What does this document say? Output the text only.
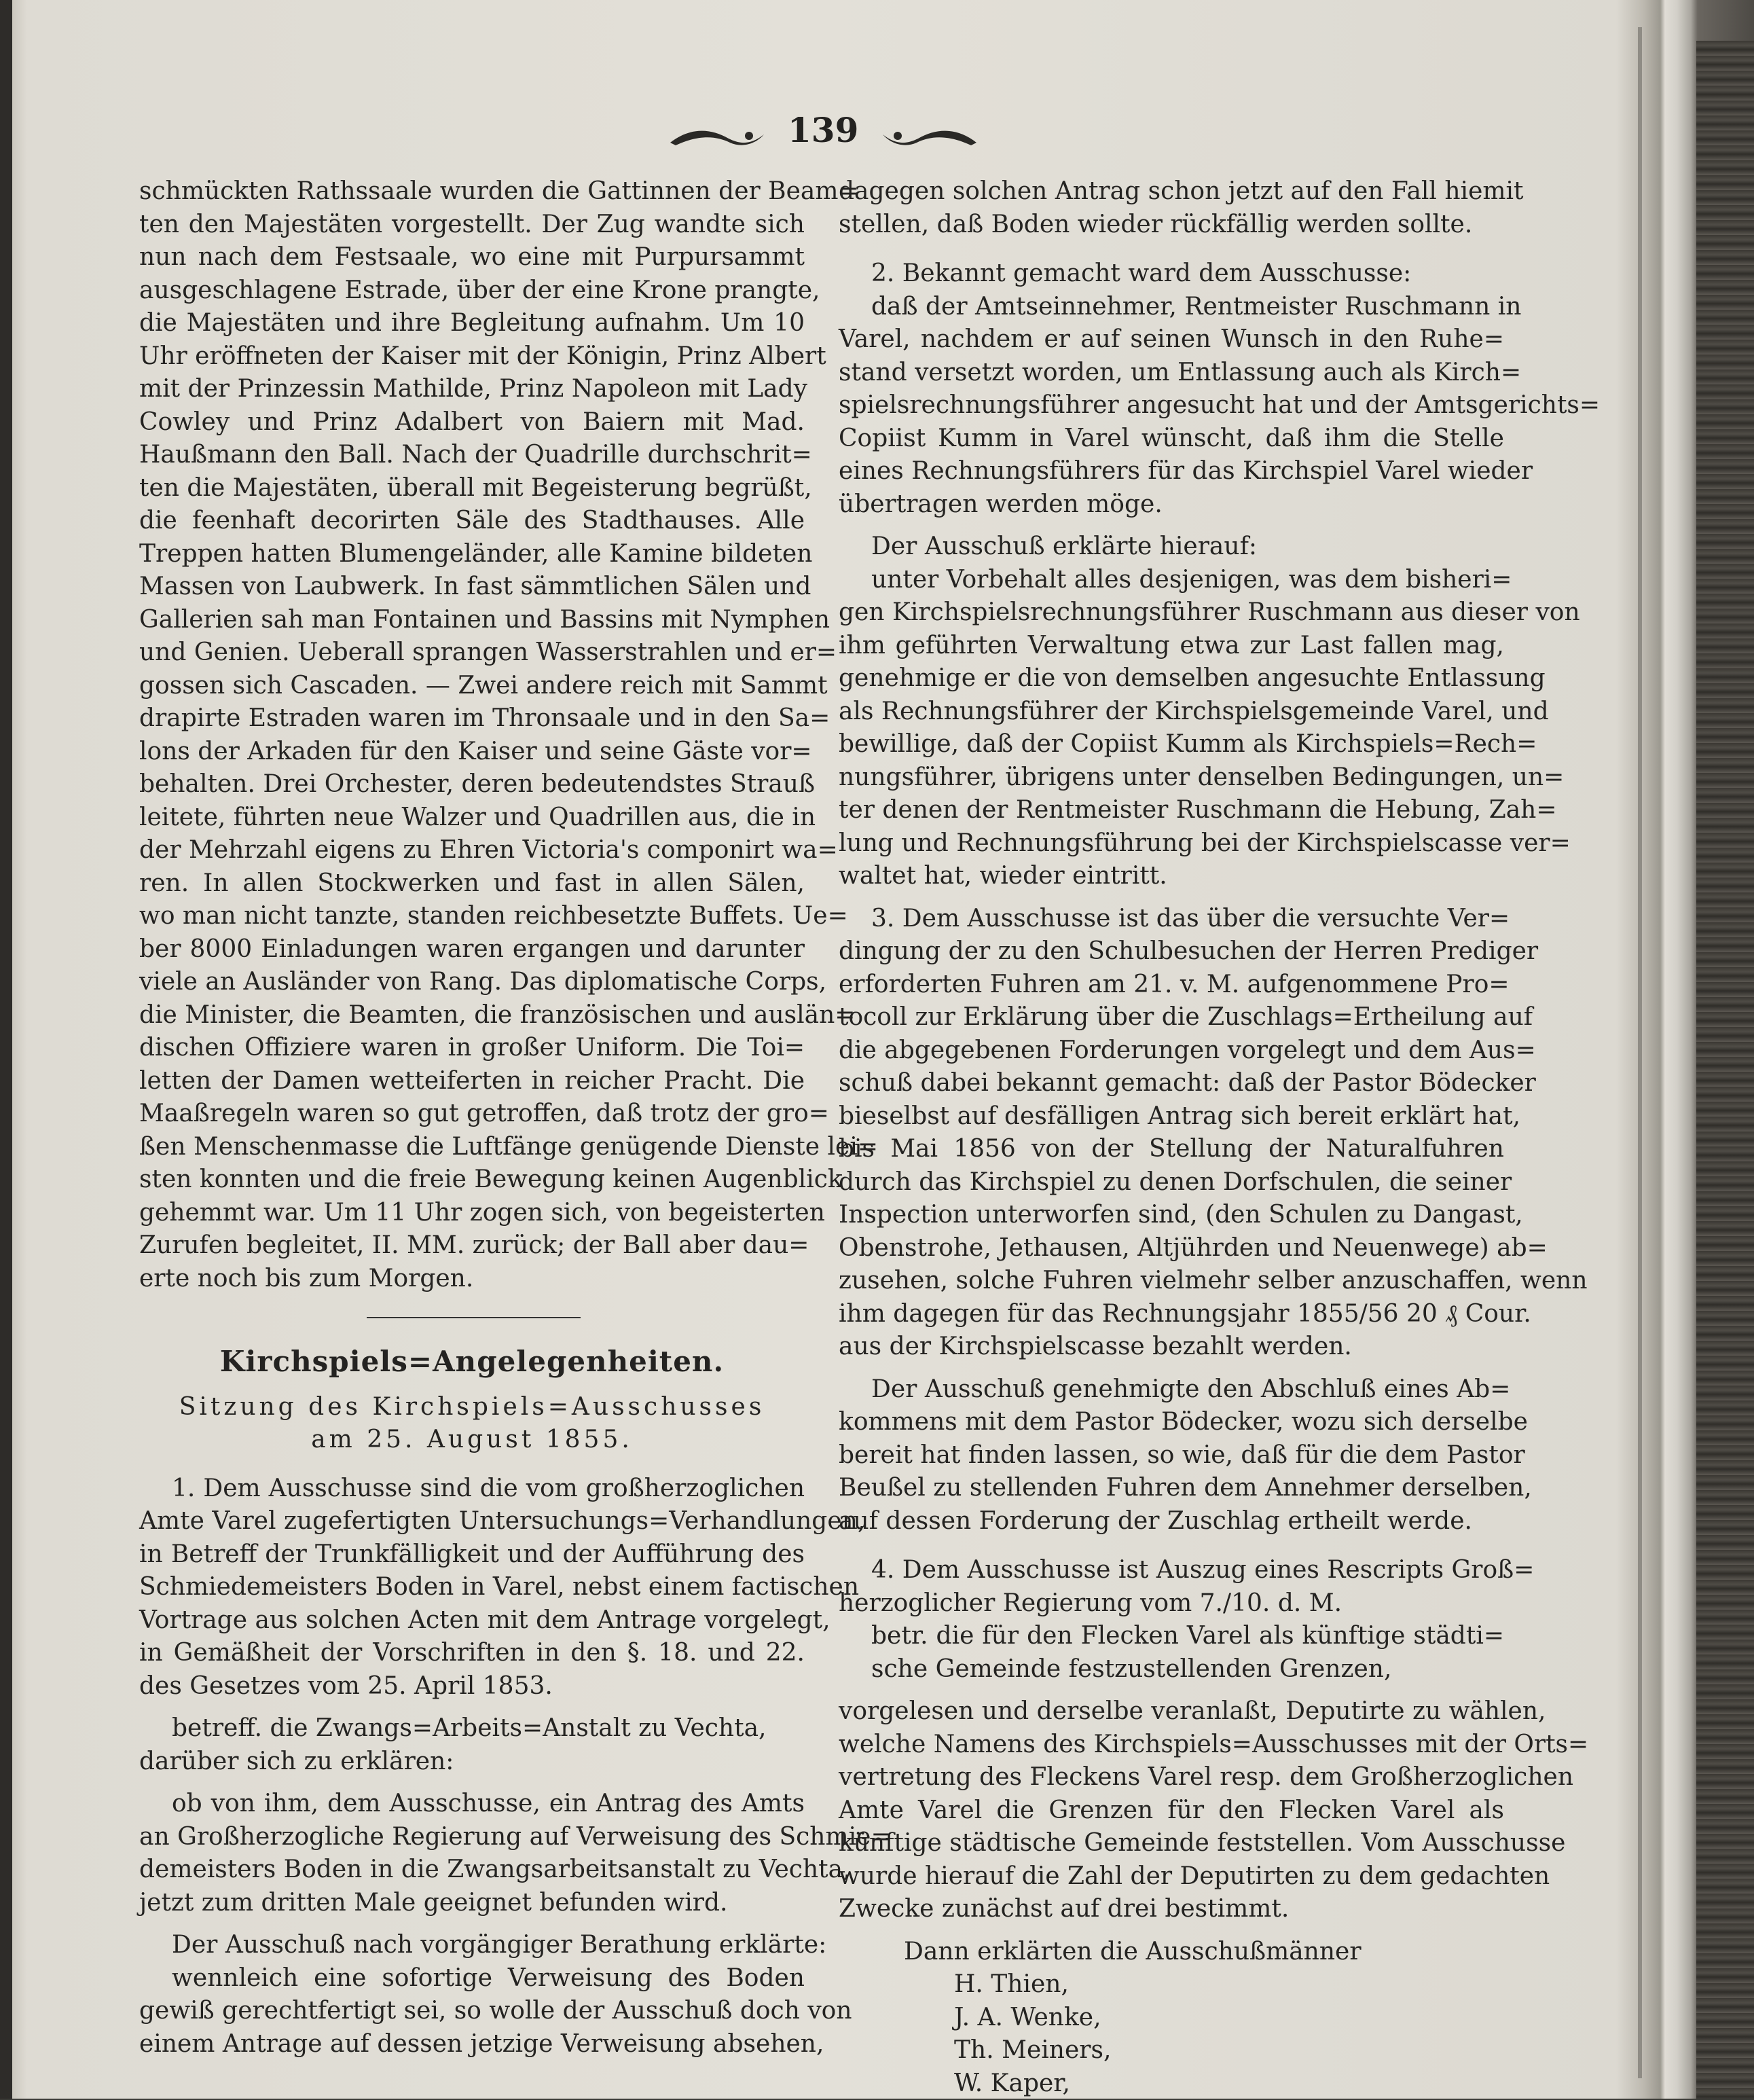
139
schmückten Rathssaale wurden die Gattinnen der Beam=
ten den Majestäten vorgestellt. Der Zug wandte sich
nun nach dem Festsaale, wo eine mit Purpursammt
ausgeschlagene Estrade, über der eine Krone prangte,
die Majestäten und ihre Begleitung aufnahm. Um 10
Uhr eröffneten der Kaiser mit der Königin, Prinz Albert
mit der Prinzessin Mathilde, Prinz Napoleon mit Lady
Cowley und Prinz Adalbert von Baiern mit Mad.
Haußmann den Ball. Nach der Quadrille durchschrit=
ten die Majestäten, überall mit Begeisterung begrüßt,
die feenhaft decorirten Säle des Stadthauses. Alle
Treppen hatten Blumengeländer, alle Kamine bildeten
Massen von Laubwerk. In fast sämmtlichen Sälen und
Gallerien sah man Fontainen und Bassins mit Nymphen
und Genien. Ueberall sprangen Wasserstrahlen und er=
gossen sich Cascaden. — Zwei andere reich mit Sammt
drapirte Estraden waren im Thronsaale und in den Sa=
lons der Arkaden für den Kaiser und seine Gäste vor=
behalten. Drei Orchester, deren bedeutendstes Strauß
leitete, führten neue Walzer und Quadrillen aus, die in
der Mehrzahl eigens zu Ehren Victoria's componirt wa=
ren. In allen Stockwerken und fast in allen Sälen,
wo man nicht tanzte, standen reichbesetzte Buffets. Ue=
ber 8000 Einladungen waren ergangen und darunter
viele an Ausländer von Rang. Das diplomatische Corps,
die Minister, die Beamten, die französischen und auslän=
dischen Offiziere waren in großer Uniform. Die Toi=
letten der Damen wetteiferten in reicher Pracht. Die
Maaßregeln waren so gut getroffen, daß trotz der gro=
ßen Menschenmasse die Luftfänge genügende Dienste lei=
sten konnten und die freie Bewegung keinen Augenblick
gehemmt war. Um 11 Uhr zogen sich, von begeisterten
Zurufen begleitet, II. MM. zurück; der Ball aber dau=
erte noch bis zum Morgen.
Kirchspiels=Angelegenheiten.
Sitzung des Kirchspiels=Ausschusses
am 25. August 1855.
1. Dem Ausschusse sind die vom großherzoglichen
Amte Varel zugefertigten Untersuchungs=Verhandlungen,
in Betreff der Trunkfälligkeit und der Aufführung des
Schmiedemeisters Boden in Varel, nebst einem factischen
Vortrage aus solchen Acten mit dem Antrage vorgelegt,
in Gemäßheit der Vorschriften in den §. 18. und 22.
des Gesetzes vom 25. April 1853.
betreff. die Zwangs=Arbeits=Anstalt zu Vechta,
darüber sich zu erklären:
ob von ihm, dem Ausschusse, ein Antrag des Amts
an Großherzogliche Regierung auf Verweisung des Schmie=
demeisters Boden in die Zwangsarbeitsanstalt zu Vechta,
jetzt zum dritten Male geeignet befunden wird.
Der Ausschuß nach vorgängiger Berathung erklärte:
wennleich eine sofortige Verweisung des Boden
gewiß gerechtfertigt sei, so wolle der Ausschuß doch von
einem Antrage auf dessen jetzige Verweisung absehen,
dagegen solchen Antrag schon jetzt auf den Fall hiemit
stellen, daß Boden wieder rückfällig werden sollte.
2. Bekannt gemacht ward dem Ausschusse:
daß der Amtseinnehmer, Rentmeister Ruschmann in
Varel, nachdem er auf seinen Wunsch in den Ruhe=
stand versetzt worden, um Entlassung auch als Kirch=
spielsrechnungsführer angesucht hat und der Amtsgerichts=
Copiist Kumm in Varel wünscht, daß ihm die Stelle
eines Rechnungsführers für das Kirchspiel Varel wieder
übertragen werden möge.
Der Ausschuß erklärte hierauf:
unter Vorbehalt alles desjenigen, was dem bisheri=
gen Kirchspielsrechnungsführer Ruschmann aus dieser von
ihm geführten Verwaltung etwa zur Last fallen mag,
genehmige er die von demselben angesuchte Entlassung
als Rechnungsführer der Kirchspielsgemeinde Varel, und
bewillige, daß der Copiist Kumm als Kirchspiels=Rech=
nungsführer, übrigens unter denselben Bedingungen, un=
ter denen der Rentmeister Ruschmann die Hebung, Zah=
lung und Rechnungsführung bei der Kirchspielscasse ver=
waltet hat, wieder eintritt.
3. Dem Ausschusse ist das über die versuchte Ver=
dingung der zu den Schulbesuchen der Herren Prediger
erforderten Fuhren am 21. v. M. aufgenommene Pro=
tocoll zur Erklärung über die Zuschlags=Ertheilung auf
die abgegebenen Forderungen vorgelegt und dem Aus=
schuß dabei bekannt gemacht: daß der Pastor Bödecker
bieselbst auf desfälligen Antrag sich bereit erklärt hat,
bis Mai 1856 von der Stellung der Naturalfuhren
durch das Kirchspiel zu denen Dorfschulen, die seiner
Inspection unterworfen sind, (den Schulen zu Dangast,
Obenstrohe, Jethausen, Altjührden und Neuenwege) ab=
zusehen, solche Fuhren vielmehr selber anzuschaffen, wenn
ihm dagegen für das Rechnungsjahr 1855/56 20 ₰ Cour.
aus der Kirchspielscasse bezahlt werden.
Der Ausschuß genehmigte den Abschluß eines Ab=
kommens mit dem Pastor Bödecker, wozu sich derselbe
bereit hat finden lassen, so wie, daß für die dem Pastor
Beußel zu stellenden Fuhren dem Annehmer derselben,
auf dessen Forderung der Zuschlag ertheilt werde.
4. Dem Ausschusse ist Auszug eines Rescripts Groß=
herzoglicher Regierung vom 7./10. d. M.
betr. die für den Flecken Varel als künftige städti=
sche Gemeinde festzustellenden Grenzen,
vorgelesen und derselbe veranlaßt, Deputirte zu wählen,
welche Namens des Kirchspiels=Ausschusses mit der Orts=
vertretung des Fleckens Varel resp. dem Großherzoglichen
Amte Varel die Grenzen für den Flecken Varel als
künftige städtische Gemeinde feststellen. Vom Ausschusse
wurde hierauf die Zahl der Deputirten zu dem gedachten
Zwecke zunächst auf drei bestimmt.
Dann erklärten die Ausschußmänner
H. Thien,
J. A. Wenke,
Th. Meiners,
W. Kaper,
